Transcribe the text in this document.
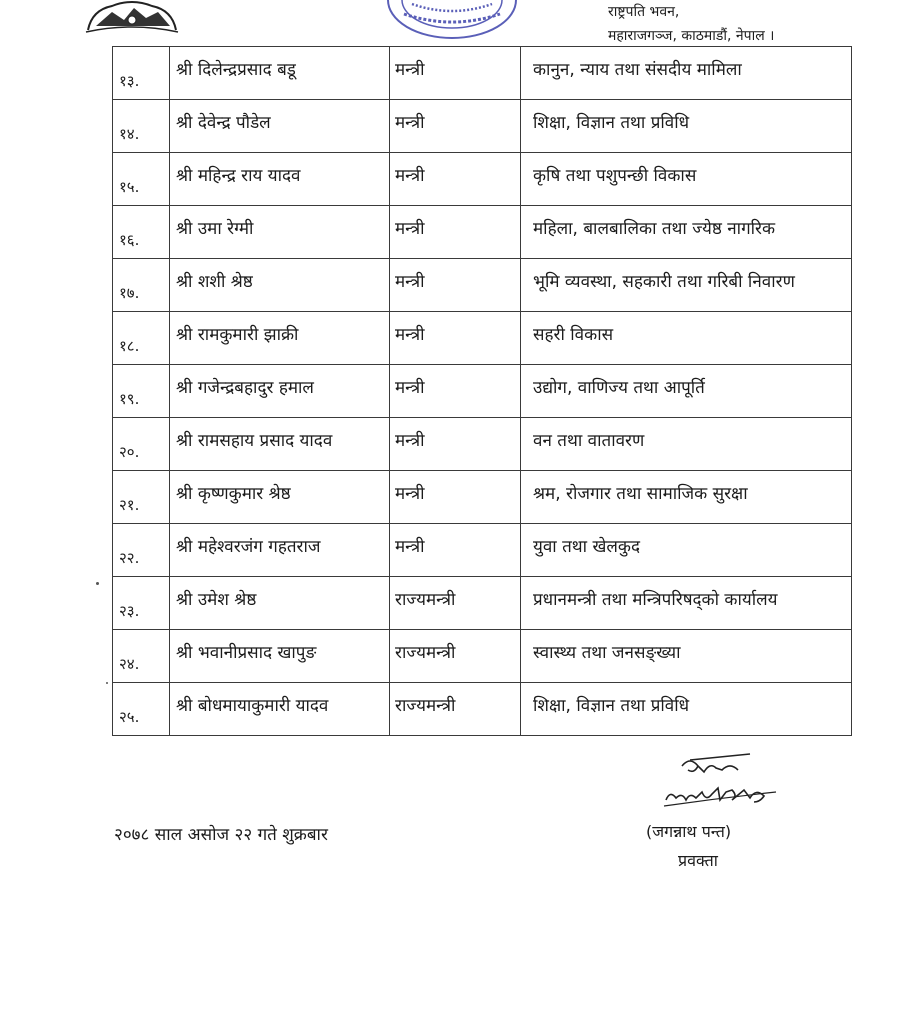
राष्ट्रपति भवन,
महाराजगञ्ज, काठमाडौं, नेपाल ।
१३.	श्री दिलेन्द्रप्रसाद बडू	मन्त्री	कानुन, न्याय तथा संसदीय मामिला

१४.	श्री देवेन्द्र पौडेल	मन्त्री	शिक्षा, विज्ञान तथा प्रविधि

१५.	श्री महिन्द्र राय यादव	मन्त्री	कृषि तथा पशुपन्छी विकास

१६.	श्री उमा रेग्मी	मन्त्री	महिला, बालबालिका तथा ज्येष्ठ नागरिक

१७.	श्री शशी श्रेष्ठ	मन्त्री	भूमि व्यवस्था, सहकारी तथा गरिबी निवारण

१८.	श्री रामकुमारी झाक्री	मन्त्री	सहरी विकास

१९.	श्री गजेन्द्रबहादुर हमाल	मन्त्री	उद्योग, वाणिज्य तथा आपूर्ति

२०.	श्री रामसहाय प्रसाद यादव	मन्त्री	वन तथा वातावरण

२१.	श्री कृष्णकुमार श्रेष्ठ	मन्त्री	श्रम, रोजगार तथा सामाजिक सुरक्षा

२२.	श्री महेश्वरजंग गहतराज	मन्त्री	युवा तथा खेलकुद

२३.	श्री उमेश श्रेष्ठ	राज्यमन्त्री	प्रधानमन्त्री तथा मन्त्रिपरिषद्को कार्यालय

२४.	श्री भवानीप्रसाद खापुङ	राज्यमन्त्री	स्वास्थ्य तथा जनसङ्ख्या

२५.	श्री बोधमायाकुमारी यादव	राज्यमन्त्री	शिक्षा, विज्ञान तथा प्रविधि
२०७८ साल असोज २२ गते शुक्रबार	(जगन्नाथ पन्त)
प्रवक्ता
